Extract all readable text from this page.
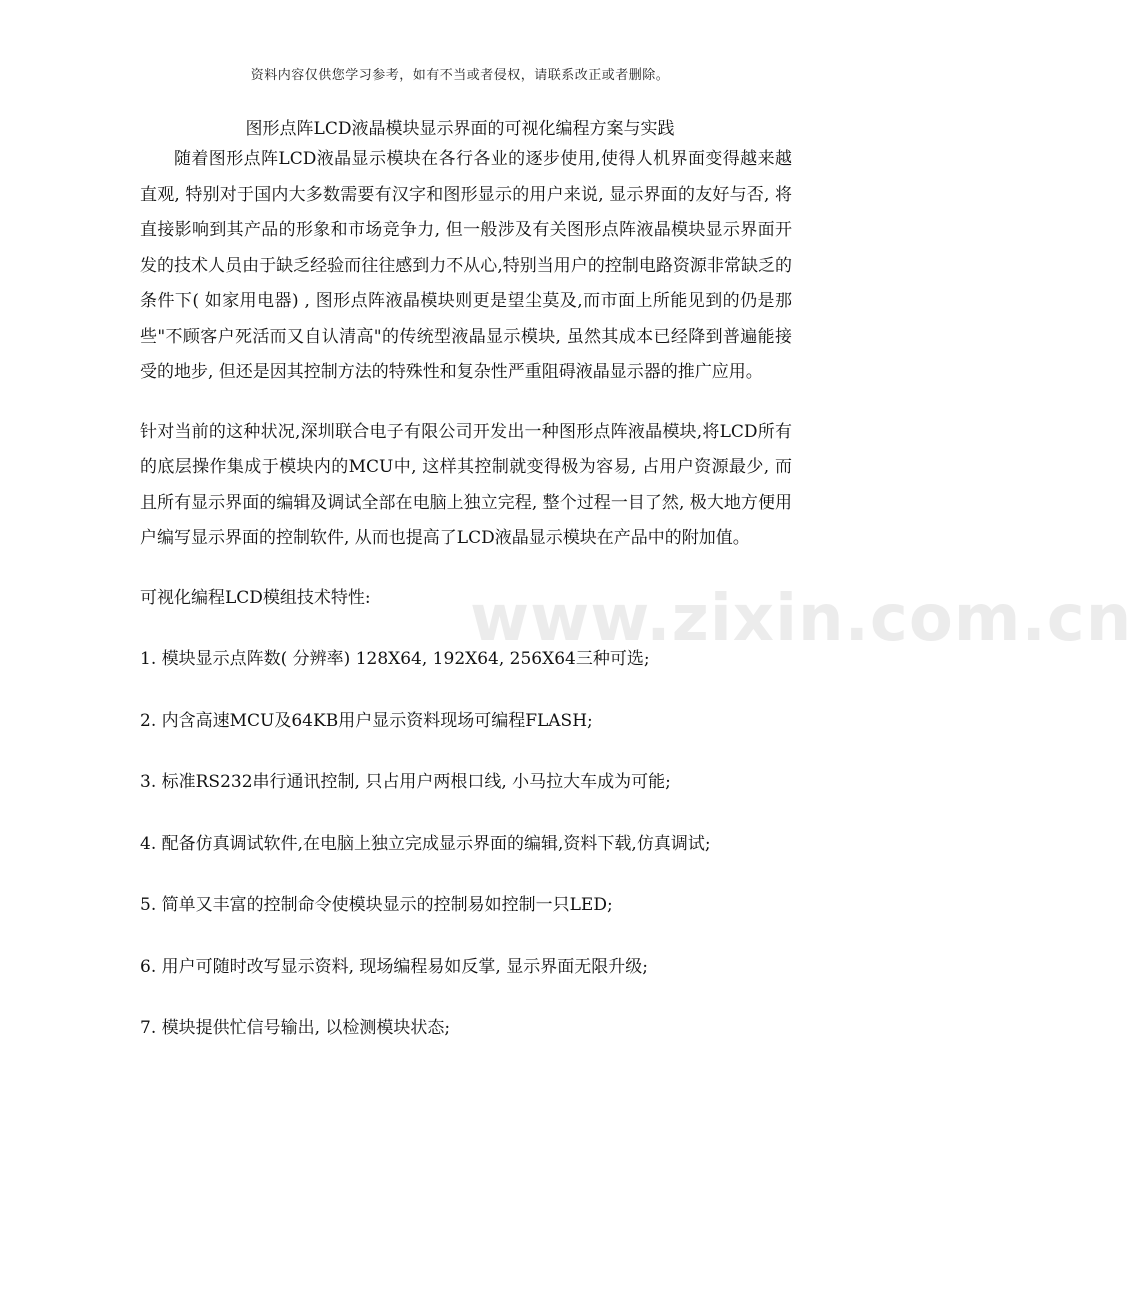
资料内容仅供您学习参考，如有不当或者侵权，请联系改正或者删除。
图形点阵LCD液晶模块显示界面的可视化编程方案与实践

随着图形点阵LCD液晶显示模块在各行各业的逐步使用,使得人机界面变得越来越直观, 特别对于国内大多数需要有汉字和图形显示的用户来说, 显示界面的友好与否, 将直接影响到其产品的形象和市场竞争力, 但一般涉及有关图形点阵液晶模块显示界面开发的技术人员由于缺乏经验而往往感到力不从心,特别当用户的控制电路资源非常缺乏的条件下( 如家用电器) , 图形点阵液晶模块则更是望尘莫及,而市面上所能见到的仍是那些"不顾客户死活而又自认清高"的传统型液晶显示模块, 虽然其成本已经降到普遍能接受的地步, 但还是因其控制方法的特殊性和复杂性严重阻碍液晶显示器的推广应用。

针对当前的这种状况,深圳联合电子有限公司开发出一种图形点阵液晶模块,将LCD所有的底层操作集成于模块内的MCU中, 这样其控制就变得极为容易, 占用户资源最少, 而且所有显示界面的编辑及调试全部在电脑上独立完程, 整个过程一目了然, 极大地方便用户编写显示界面的控制软件, 从而也提高了LCD液晶显示模块在产品中的附加值。

可视化编程LCD模组技术特性:

1. 模块显示点阵数( 分辨率) 128X64, 192X64, 256X64三种可选;
2. 内含高速MCU及64KB用户显示资料现场可编程FLASH;
3. 标准RS232串行通讯控制, 只占用户两根口线, 小马拉大车成为可能;
4. 配备仿真调试软件,在电脑上独立完成显示界面的编辑,资料下载,仿真调试;
5. 简单又丰富的控制命令使模块显示的控制易如控制一只LED;
6. 用户可随时改写显示资料, 现场编程易如反掌, 显示界面无限升级;
7. 模块提供忙信号输出, 以检测模块状态;
www.zixin.com.cn
